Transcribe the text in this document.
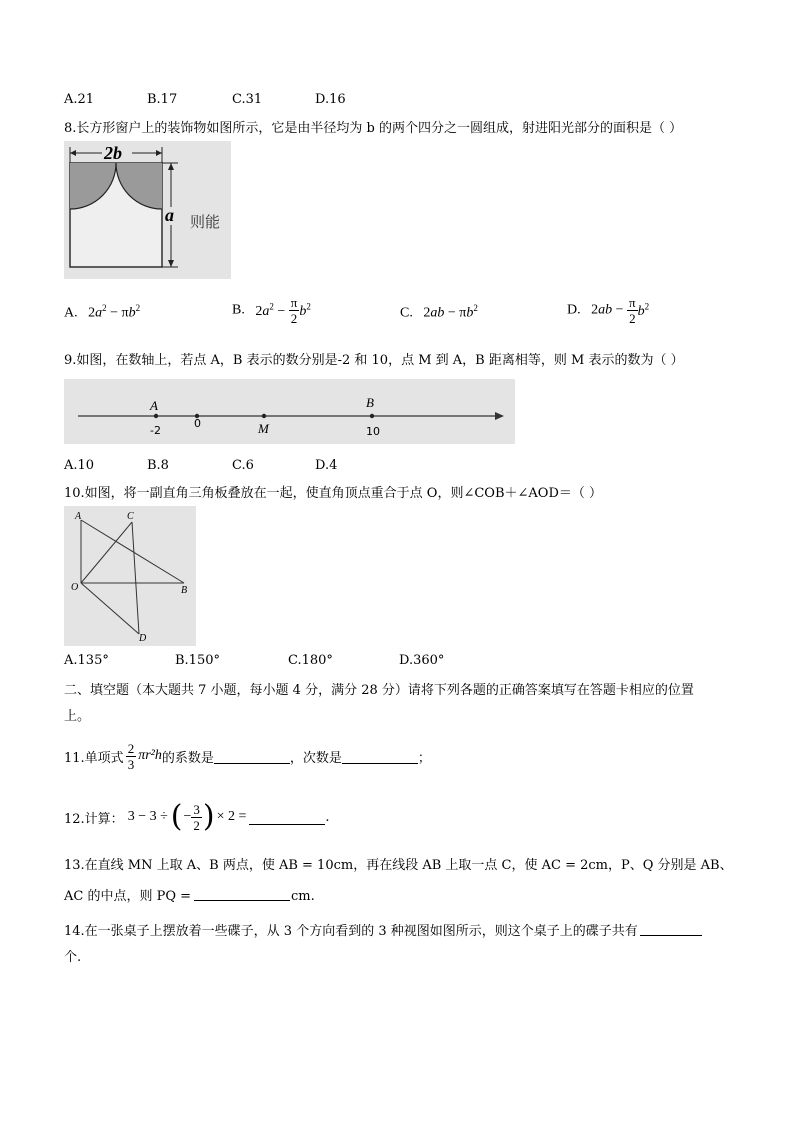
A.21	B.17	C.31	D.16
8.长方形窗户上的装饰物如图所示，它是由半径均为 b 的两个四分之一圆组成，射进阳光部分的面积是（ ）
2b
a 则能
A. $2a^2 - \pi b^2$	B. $2a^2 - \frac{\pi}{2} b^2$	C. $2ab - \pi b^2$	D. $2ab - \frac{\pi}{2} b^2$
9.如图，在数轴上，若点 A，B 表示的数分别是-2 和 10，点 M 到 A，B 距离相等，则 M 表示的数为（ ）
A	B
M
-2
0
10
A.10	B.8	C.6	D.4
10.如图，将一副直角三角板叠放在一起，使直角顶点重合于点 O，则∠COB＋∠AOD＝（ ）
A	C
O	B
D
A.135°	B.150°	C.180°	D.360°
二、填空题（本大题共 7 小题，每小题 4 分，满分 28 分）请将下列各题的正确答案填写在答题卡相应的位置
上。
11.单项式 $\frac{2}{3} \pi r^2h$ 的系数是	，次数是	；
12.计算： 3 − 3 ÷ ( − $\frac{3}{2}$ ) × 2 =	.
13.在直线 MN 上取 A、B 两点，使 AB = 10cm，再在线段 AB 上取一点 C，使 AC = 2cm，P、Q 分别是 AB、
AC 的中点，则 PQ =	cm.
14.在一张桌子上摆放着一些碟子，从 3 个方向看到的 3 种视图如图所示，则这个桌子上的碟子共有
个.
